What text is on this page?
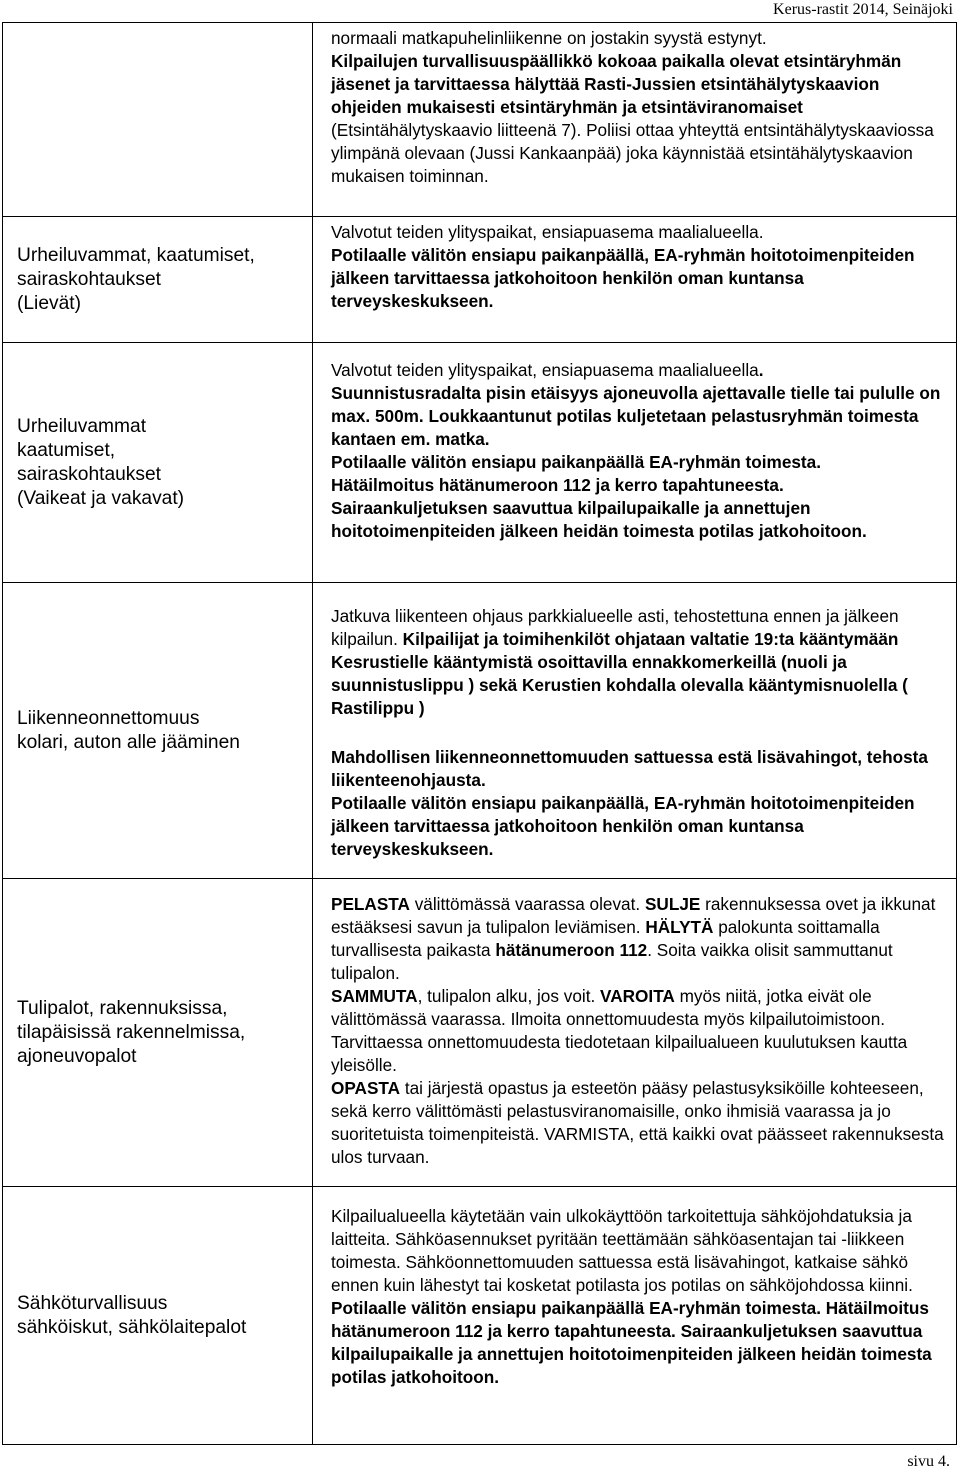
Kerus-rastit 2014, Seinäjoki

normaali matkapuhelinliikenne on jostakin syystä estynyt.
Kilpailujen turvallisuuspäällikkö kokoaa paikalla olevat etsintäryhmän jäsenet ja tarvittaessa hälyttää Rasti-Jussien etsintähälytyskaavion ohjeiden mukaisesti etsintäryhmän ja etsintäviranomaiset (Etsintähälytyskaavio liitteenä 7). Poliisi ottaa yhteyttä entsintähälytyskaaviossa ylimpänä olevaan (Jussi Kankaanpää) joka käynnistää etsintähälytyskaavion mukaisen toiminnan.

Urheiluvammat, kaatumiset,
sairaskohtaukset
(Lievät)

Valvotut teiden ylityspaikat, ensiapuasema maalialueella.

Potilaalle välitön ensiapu paikanpäällä, EA-ryhmän hoitotoimenpiteiden jälkeen tarvittaessa jatkohoitoon henkilön oman kuntansa terveyskeskukseen.

Urheiluvammat
kaatumiset,
sairaskohtaukset
(Vaikeat ja vakavat)

Valvotut teiden ylityspaikat, ensiapuasema maalialueella.

Suunnistusradalta pisin etäisyys ajoneuvolla ajettavalle tielle tai pululle on max. 500m. Loukkaantunut potilas kuljetetaan pelastusryhmän toimesta kantaen em. matka.

Potilaalle välitön ensiapu paikanpäällä EA-ryhmän toimesta.

Hätäilmoitus hätänumeroon 112 ja kerro tapahtuneesta.

Sairaankuljetuksen saavuttua kilpailupaikalle ja annettujen hoitotoimenpiteiden jälkeen heidän toimesta potilas jatkohoitoon.

Liikenneonnettomuus
kolari, auton alle jääminen

Jatkuva liikenteen ohjaus parkkialueelle asti, tehostettuna ennen ja jälkeen kilpailun. Kilpailijat ja toimihenkilöt ohjataan valtatie 19:ta kääntymään Kesrustielle kääntymistä osoittavilla ennakkomerkeillä (nuoli ja suunnistuslippu ) sekä Kerustien kohdalla olevalla kääntymisnuolella ( Rastilippu )

Mahdollisen liikenneonnettomuuden sattuessa estä lisävahingot, tehosta liikenteenohjausta.

Potilaalle välitön ensiapu paikanpäällä, EA-ryhmän hoitotoimenpiteiden jälkeen tarvittaessa jatkohoitoon henkilön oman kuntansa terveyskeskukseen.

Tulipalot, rakennuksissa,
tilapäisissä rakennelmissa,
ajoneuvopalot

PELASTA välittömässä vaarassa olevat. SULJE rakennuksessa ovet ja ikkunat estääksesi savun ja tulipalon leviämisen. HÄLYTÄ palokunta soittamalla turvallisesta paikasta hätänumeroon 112. Soita vaikka olisit sammuttanut tulipalon.

SAMMUTA, tulipalon alku, jos voit. VAROITA myös niitä, jotka eivät ole välittömässä vaarassa. Ilmoita onnettomuudesta myös kilpailutoimistoon. Tarvittaessa onnettomuudesta tiedotetaan kilpailualueen kuulutuksen kautta yleisölle.

OPASTA tai järjestä opastus ja esteetön pääsy pelastusyksiköille kohteeseen, sekä kerro välittömästi pelastusviranomaisille, onko ihmisiä vaarassa ja jo suoritetuista toimenpiteistä. VARMISTA, että kaikki ovat päässeet rakennuksesta ulos turvaan.

Sähköturvallisuus
sähköiskut, sähkölaitepalot

Kilpailualueella käytetään vain ulkokäyttöön tarkoitettuja sähköjohdatuksia ja laitteita. Sähköasennukset pyritään teettämään sähköasentajan tai -liikkeen toimesta. Sähköonnettomuuden sattuessa estä lisävahingot, katkaise sähkö ennen kuin lähestyt tai kosketat potilasta jos potilas on sähköjohdossa kiinni. Potilaalle välitön ensiapu paikanpäällä EA-ryhmän toimesta. Hätäilmoitus hätänumeroon 112 ja kerro tapahtuneesta. Sairaankuljetuksen saavuttua kilpailupaikalle ja annettujen hoitotoimenpiteiden jälkeen heidän toimesta potilas jatkohoitoon.

sivu 4.
